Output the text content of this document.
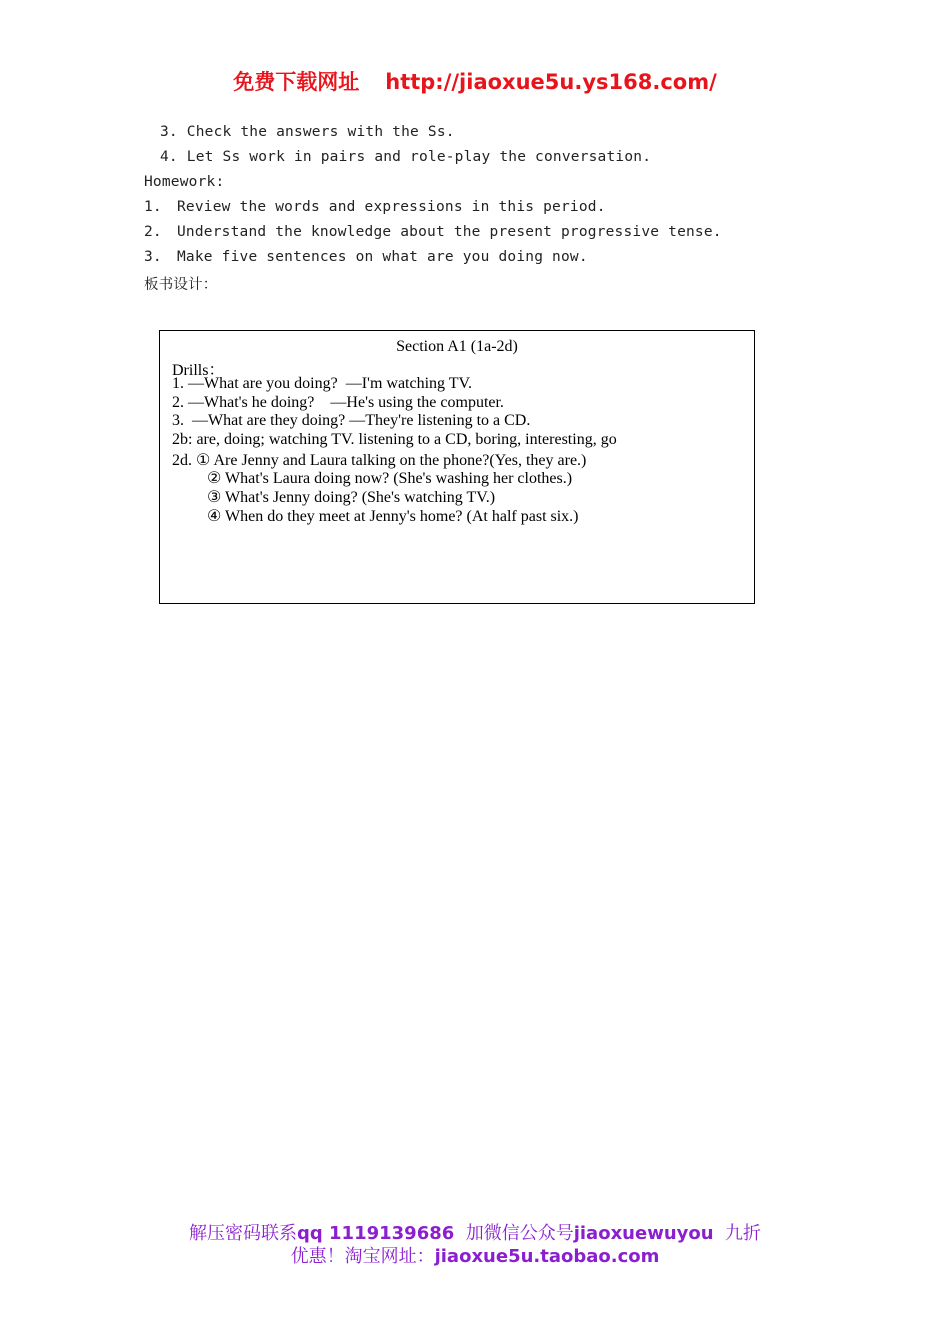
免费下载网址 http://jiaoxue5u.ys168.com/
3. Check the answers with the Ss.
4. Let Ss work in pairs and role-play the conversation.
Homework:
1. Review the words and expressions in this period.
2. Understand the knowledge about the present progressive tense.
3. Make five sentences on what are you doing now.
板书设计：
Section A1 (1a-2d)
Drills：
1. —What are you doing?  —I'm watching TV.
2. —What's he doing?    —He's using the computer.
3.  —What are they doing? —They're listening to a CD.
2b: are, doing; watching TV. listening to a CD, boring, interesting, go
2d. ① Are Jenny and Laura talking on the phone?(Yes, they are.)
② What's Laura doing now? (She's washing her clothes.)
③ What's Jenny doing? (She's watching TV.)
④ When do they meet at Jenny's home? (At half past six.)
解压密码联系qq 1119139686 加微信公众号jiaoxuewuyou 九折
优惠！淘宝网址：jiaoxue5u.taobao.com
